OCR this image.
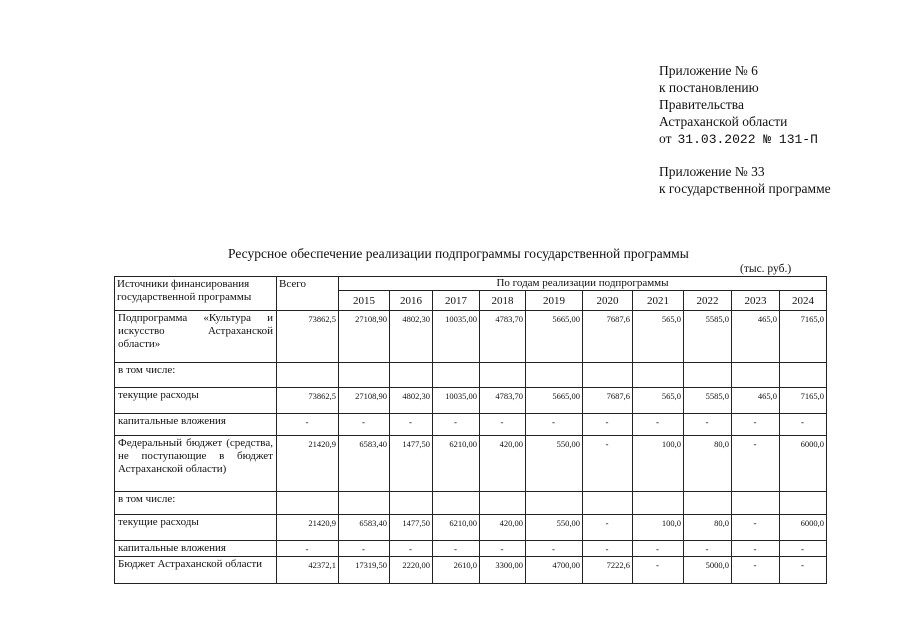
Приложение № 6
к постановлению
Правительства
Астраханской области
от 31.03.2022 № 131-П
Приложение № 33
к государственной программе
Ресурсное обеспечение реализации подпрограммы государственной программы
(тыс. руб.)
Источники финансирования государственной программы	Всего	По годам реализации подпрограммы									
		2015	2016	2017	2018	2019	2020	2021	2022	2023	2024
Подпрограмма «Культура и искусство Астраханской области»	73862,5	27108,90	4802,30	10035,00	4783,70	5665,00	7687,6	565,0	5585,0	465,0	7165,0
в том числе:											
текущие расходы	73862,5	27108,90	4802,30	10035,00	4783,70	5665,00	7687,6	565,0	5585,0	465,0	7165,0
капитальные вложения	-	-	-	-	-	-	-	-	-	-	-
Федеральный бюджет (средства, не поступающие в бюджет Астраханской области)	21420,9	6583,40	1477,50	6210,00	420,00	550,00	-	100,0	80,0	-	6000,0
в том числе:											
текущие расходы	21420,9	6583,40	1477,50	6210,00	420,00	550,00	-	100,0	80,0	-	6000,0
капитальные вложения	-	-	-	-	-	-	-	-	-	-	-
Бюджет Астраханской области	42372,1	17319,50	2220,00	2610,0	3300,00	4700,00	7222,6	-	5000,0	-	-
